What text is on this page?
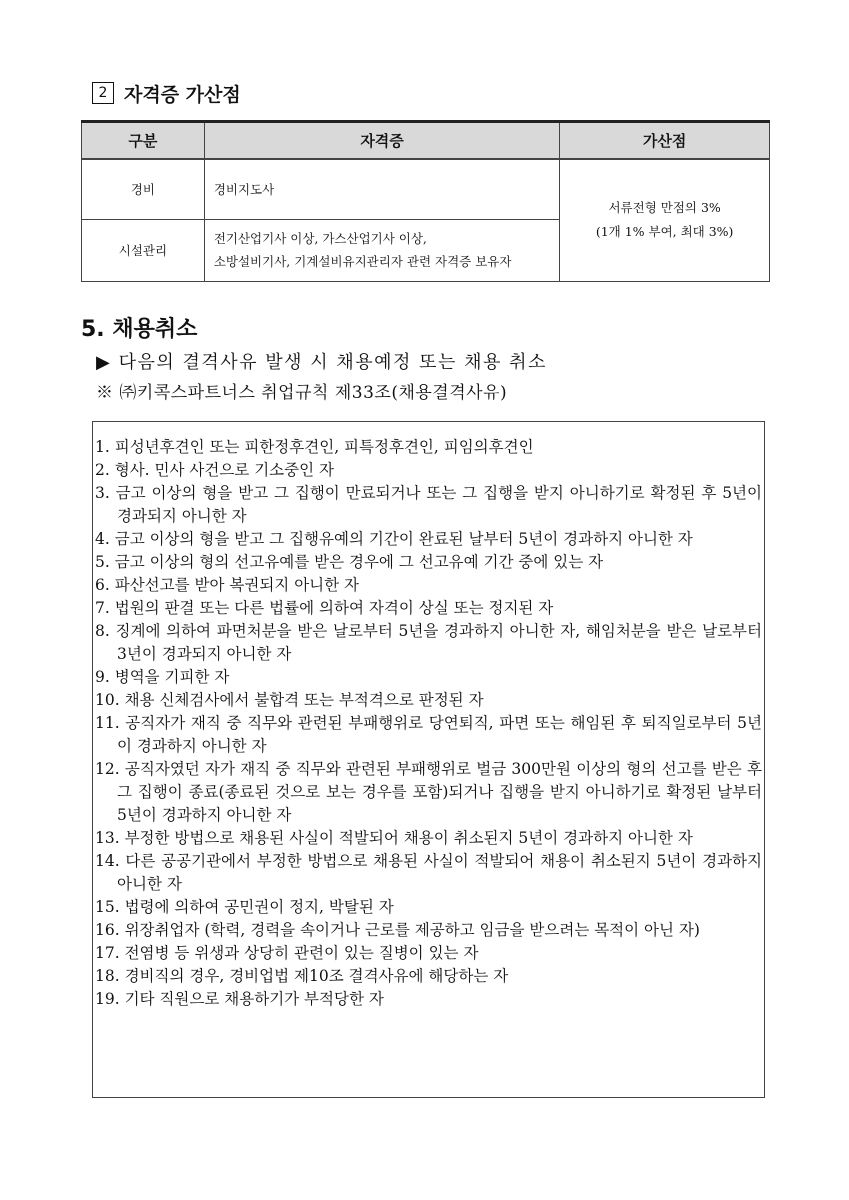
2 자격증 가산점
구분	자격증	가산점
경비	경비지도사	서류전형 만점의 3%
(1개 1% 부여, 최대 3%)

시설관리	전기산업기사 이상, 가스산업기사 이상,
소방설비기사, 기계설비유지관리자 관련 자격증 보유자	
5. 채용취소
▶ 다음의 결격사유 발생 시 채용예정 또는 채용 취소
※ ㈜키콕스파트너스 취업규칙 제33조(채용결격사유)
1. 피성년후견인 또는 피한정후견인, 피특정후견인, 피임의후견인
2. 형사. 민사 사건으로 기소중인 자
3. 금고 이상의 형을 받고 그 집행이 만료되거나 또는 그 집행을 받지 아니하기로 확정된 후 5년이 경과되지 아니한 자
4. 금고 이상의 형을 받고 그 집행유예의 기간이 완료된 날부터 5년이 경과하지 아니한 자
5. 금고 이상의 형의 선고유예를 받은 경우에 그 선고유예 기간 중에 있는 자
6. 파산선고를 받아 복권되지 아니한 자
7. 법원의 판결 또는 다른 법률에 의하여 자격이 상실 또는 정지된 자
8. 징계에 의하여 파면처분을 받은 날로부터 5년을 경과하지 아니한 자, 해임처분을 받은 날로부터 3년이 경과되지 아니한 자
9. 병역을 기피한 자
10. 채용 신체검사에서 불합격 또는 부적격으로 판정된 자
11. 공직자가 재직 중 직무와 관련된 부패행위로 당연퇴직, 파면 또는 해임된 후 퇴직일로부터 5년이 경과하지 아니한 자
12. 공직자였던 자가 재직 중 직무와 관련된 부패행위로 벌금 300만원 이상의 형의 선고를 받은 후 그 집행이 종료(종료된 것으로 보는 경우를 포함)되거나 집행을 받지 아니하기로 확정된 날부터 5년이 경과하지 아니한 자
13. 부정한 방법으로 채용된 사실이 적발되어 채용이 취소된지 5년이 경과하지 아니한 자
14. 다른 공공기관에서 부정한 방법으로 채용된 사실이 적발되어 채용이 취소된지 5년이 경과하지 아니한 자
15. 법령에 의하여 공민권이 정지, 박탈된 자
16. 위장취업자 (학력, 경력을 속이거나 근로를 제공하고 임금을 받으려는 목적이 아닌 자)
17. 전염병 등 위생과 상당히 관련이 있는 질병이 있는 자
18. 경비직의 경우, 경비업법 제10조 결격사유에 해당하는 자
19. 기타 직원으로 채용하기가 부적당한 자
